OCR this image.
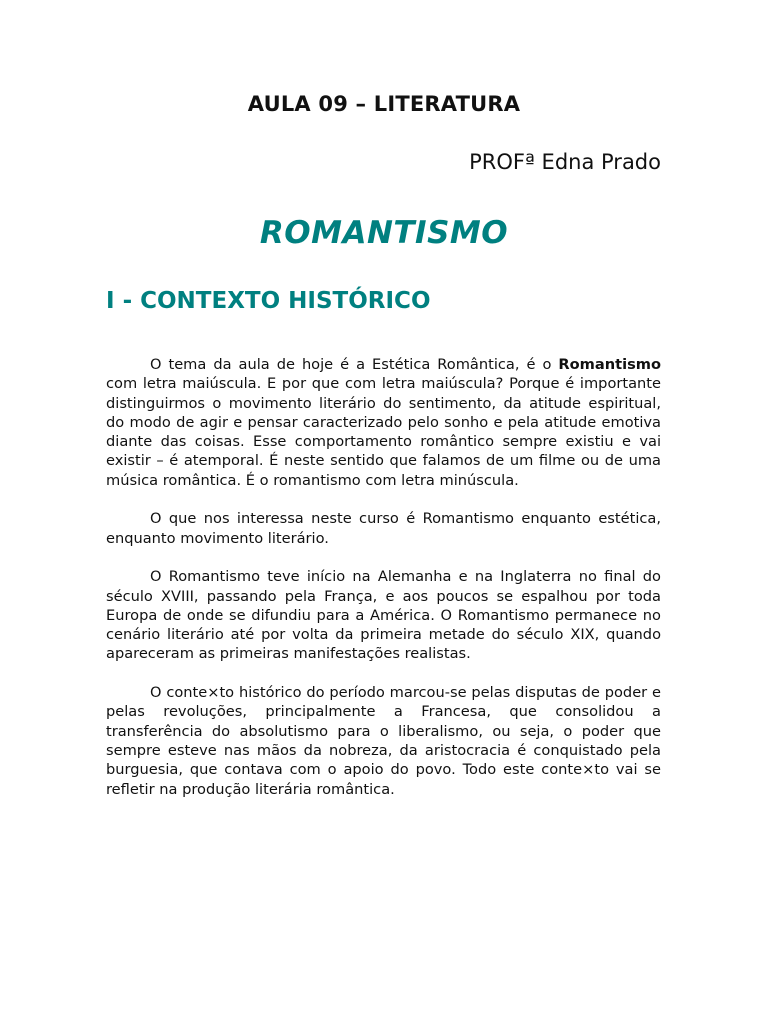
AULA 09 – LITERATURA

PROFª Edna Prado

ROMANTISMO
I - CONTEXTO HISTÓRICO

O tema da aula de hoje é a Estética Romântica, é o Romantismo com letra maiúscula. E por que com letra maiúscula? Porque é importante distinguirmos o movimento literário do sentimento, da atitude espiritual, do modo de agir e pensar caracterizado pelo sonho e pela atitude emotiva diante das coisas. Esse comportamento romântico sempre existiu e vai existir – é atemporal. É neste sentido que falamos de um filme ou de uma música romântica. É o romantismo com letra minúscula.

O que nos interessa neste curso é Romantismo enquanto estética, enquanto movimento literário.

O Romantismo teve início na Alemanha e na Inglaterra no final do século XVIII, passando pela França, e aos poucos se espalhou por toda Europa de onde se difundiu para a América. O Romantismo permanece no cenário literário até por volta da primeira metade do século XIX, quando apareceram as primeiras manifestações realistas.

O conte×to histórico do período marcou-se pelas disputas de poder e pelas revoluções, principalmente a Francesa, que consolidou a transferência do absolutismo para o liberalismo, ou seja, o poder que sempre esteve nas mãos da nobreza, da aristocracia é conquistado pela burguesia, que contava com o apoio do povo. Todo este conte×to vai se refletir na produção literária romântica.
